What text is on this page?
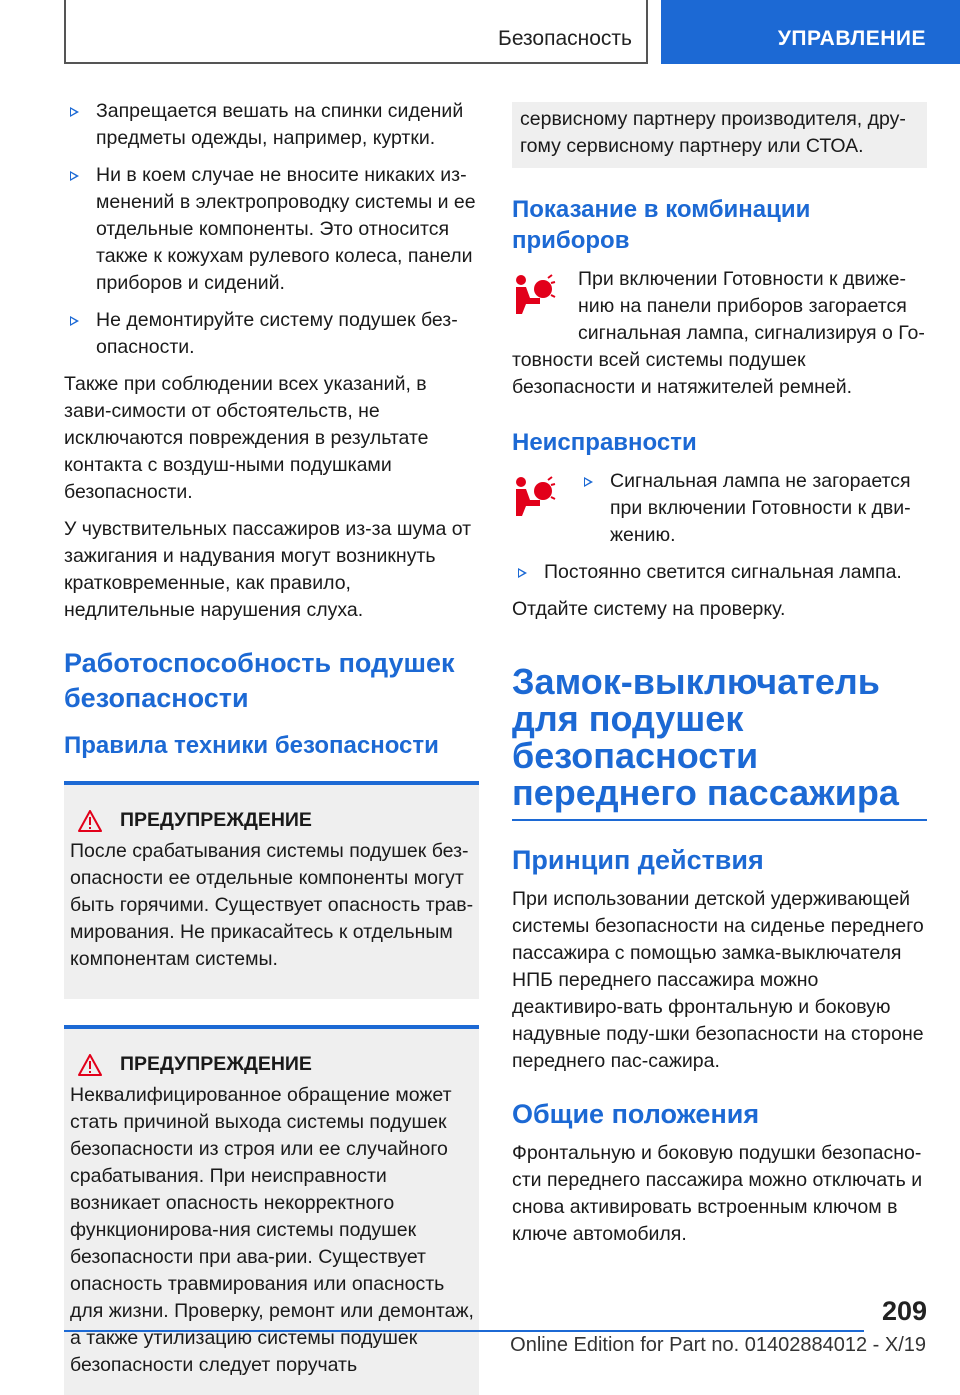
Безопасность	УПРАВЛЕНИЕ
Запрещается вешать на спинки сидений предметы одежды, например, куртки.
Ни в коем случае не вносите никаких из-менений в электропроводку системы и ее отдельные компоненты. Это относится также к кожухам рулевого колеса, панели приборов и сидений.
Не демонтируйте систему подушек без-опасности.

Также при соблюдении всех указаний, в зави-симости от обстоятельств, не исключаются повреждения в результате контакта с воздуш-ными подушками безопасности.

У чувствительных пассажиров из-за шума от зажигания и надувания могут возникнуть кратковременные, как правило, недлительные нарушения слуха.

Работоспособность подушек безопасности
Правила техники безопасности
ПРЕДУПРЕЖДЕНИЕ

После срабатывания системы подушек без-опасности ее отдельные компоненты могут быть горячими. Существует опасность трав-мирования. Не прикасайтесь к отдельным компонентам системы.

ПРЕДУПРЕЖДЕНИЕ

Неквалифицированное обращение может стать причиной выхода системы подушек безопасности из строя или ее случайного срабатывания. При неисправности возникает опасность некорректного функционирова-ния системы подушек безопасности при ава-рии. Существует опасность травмирования или опасность для жизни. Проверку, ремонт или демонтаж, а также утилизацию системы подушек безопасности следует поручать

сервисному партнеру производителя, дру-гому сервисному партнеру или СТОА.

Показание в комбинации приборов

При включении Готовности к движе-нию на панели приборов загорается сигнальная лампа, сигнализируя о Го-

товности всей системы подушек безопасности и натяжителей ремней.

Неисправности
Сигнальная лампа не загорается при включении Готовности к дви-жению.
Постоянно светится сигнальная лампа.

Отдайте систему на проверку.

Замок-выключатель для подушек безопасности переднего пассажира
Принцип действия

При использовании детской удерживающей системы безопасности на сиденье переднего пассажира с помощью замка-выключателя НПБ переднего пассажира можно деактивиро-вать фронтальную и боковую надувные поду-шки безопасности на стороне переднего пас-сажира.

Общие положения

Фронтальную и боковую подушки безопасно-сти переднего пассажира можно отключать и снова активировать встроенным ключом в ключе автомобиля.

209
Online Edition for Part no. 01402884012 - X/19
